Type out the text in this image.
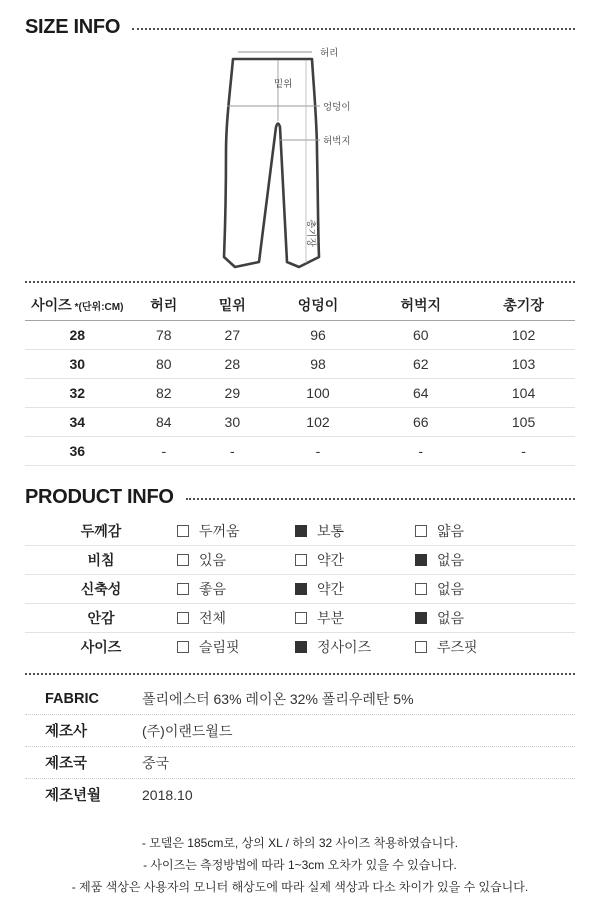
SIZE INFO
허리
밑위
엉덩이
허벅지
총기장
사이즈 *(단위:CM)	허리	밑위	엉덩이	허벅지	총기장
28	78	27	96	60	102
30	80	28	98	62	103
32	82	29	100	64	104
34	84	30	102	66	105
36	-	-	-	-	-
PRODUCT INFO
두께감	두꺼움	보통	얇음
비침	있음	약간	없음
신축성	좋음	약간	없음
안감	전체	부분	없음
사이즈	슬림핏	정사이즈	루즈핏
FABRIC	폴리에스터 63% 레이온 32% 폴리우레탄 5%
제조사	(주)이랜드월드
제조국	중국
제조년월	2018.10
- 모델은 185cm로, 상의 XL / 하의 32 사이즈 착용하였습니다.
- 사이즈는 측정방법에 따라 1~3cm 오차가 있을 수 있습니다.
- 제품 색상은 사용자의 모니터 해상도에 따라 실제 색상과 다소 차이가 있을 수 있습니다.
